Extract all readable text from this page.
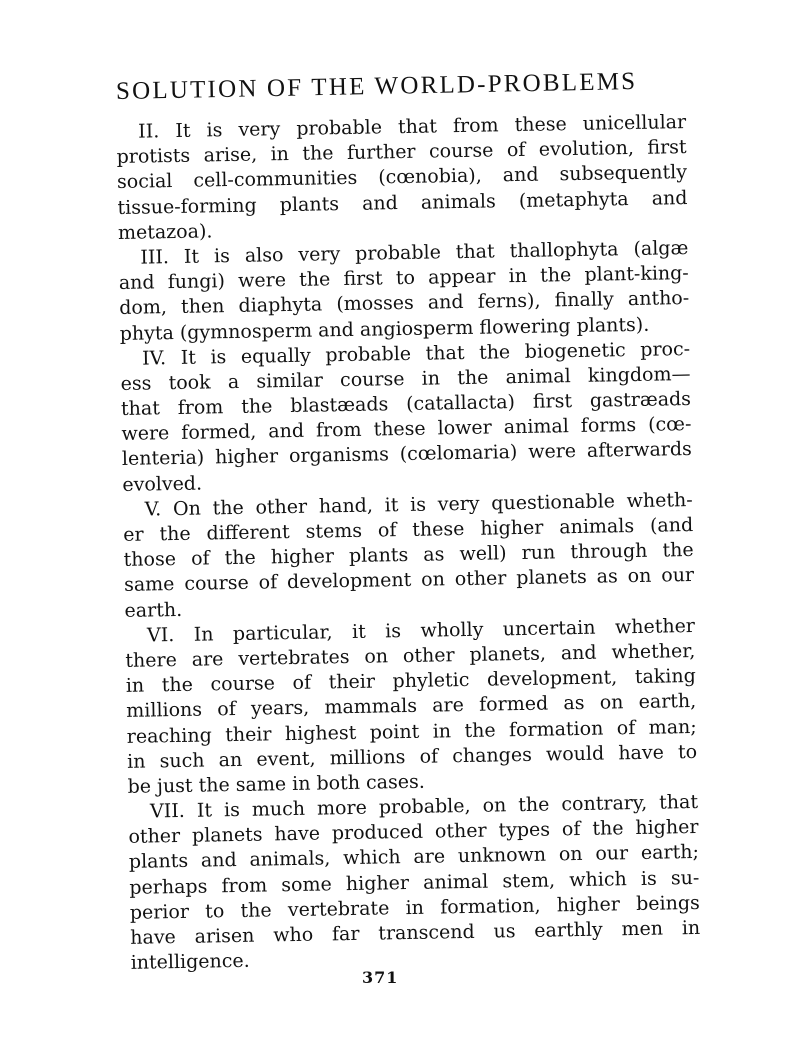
SOLUTION OF THE WORLD-PROBLEMS
II. It is very probable that from these unicellular
protists arise, in the further course of evolution, first
social cell-communities (cœnobia), and subsequently
tissue-forming plants and animals (metaphyta and
metazoa).
III. It is also very probable that thallophyta (algæ
and fungi) were the first to appear in the plant-king-
dom, then diaphyta (mosses and ferns), finally antho-
phyta (gymnosperm and angiosperm flowering plants).
IV. It is equally probable that the biogenetic proc-
ess took a similar course in the animal kingdom—
that from the blastæads (catallacta) first gastræads
were formed, and from these lower animal forms (cœ-
lenteria) higher organisms (cœlomaria) were afterwards
evolved.
V. On the other hand, it is very questionable wheth-
er the different stems of these higher animals (and
those of the higher plants as well) run through the
same course of development on other planets as on our
earth.
VI. In particular, it is wholly uncertain whether
there are vertebrates on other planets, and whether,
in the course of their phyletic development, taking
millions of years, mammals are formed as on earth,
reaching their highest point in the formation of man;
in such an event, millions of changes would have to
be just the same in both cases.
VII. It is much more probable, on the contrary, that
other planets have produced other types of the higher
plants and animals, which are unknown on our earth;
perhaps from some higher animal stem, which is su-
perior to the vertebrate in formation, higher beings
have arisen who far transcend us earthly men in
intelligence.
371
